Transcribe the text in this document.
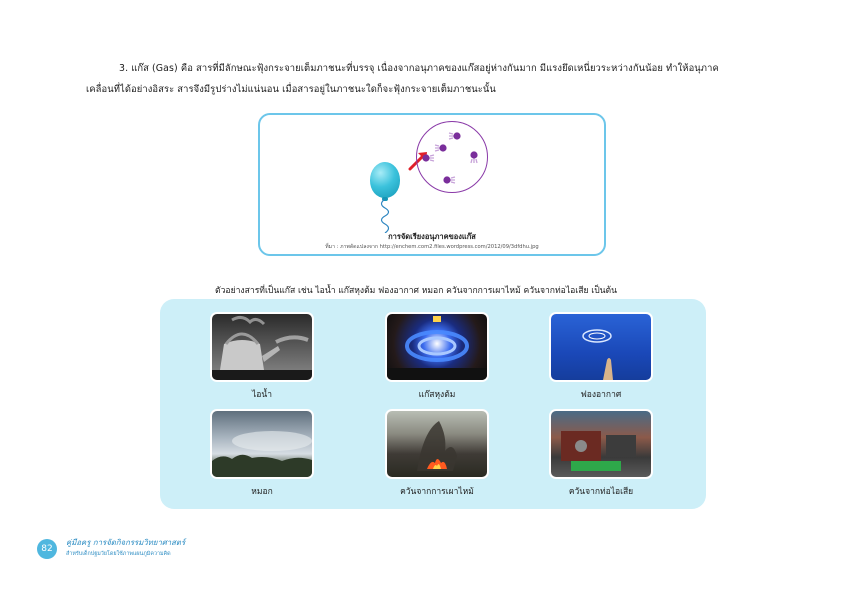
3. แก๊ส (Gas) คือ สารที่มีลักษณะฟุ้งกระจายเต็มภาชนะที่บรรจุ เนื่องจากอนุภาคของแก๊สอยู่ห่างกันมาก มีแรงยึดเหนี่ยวระหว่างกันน้อย ทำให้อนุภาค
เคลื่อนที่ได้อย่างอิสระ สารจึงมีรูปร่างไม่แน่นอน เมื่อสารอยู่ในภาชนะใดก็จะฟุ้งกระจายเต็มภาชนะนั้น
การจัดเรียงอนุภาคของแก๊ส
ที่มา : ภาพดัดแปลงจาก http://enchem.com2.files.wordpress.com/2012/09/3dfdhu.jpg
ตัวอย่างสารที่เป็นแก๊ส เช่น ไอน้ำ แก๊สหุงต้ม ฟองอากาศ หมอก ควันจากการเผาไหม้ ควันจากท่อไอเสีย เป็นต้น
ไอน้ำ	แก๊สหุงต้ม	ฟองอากาศ
หมอก	ควันจากการเผาไหม้	ควันจากท่อไอเสีย
82
คู่มือครู การจัดกิจกรรมวิทยาศาสตร์
สำหรับเด็กปฐมวัยโดยใช้ภาพแผนภูมิความคิด
